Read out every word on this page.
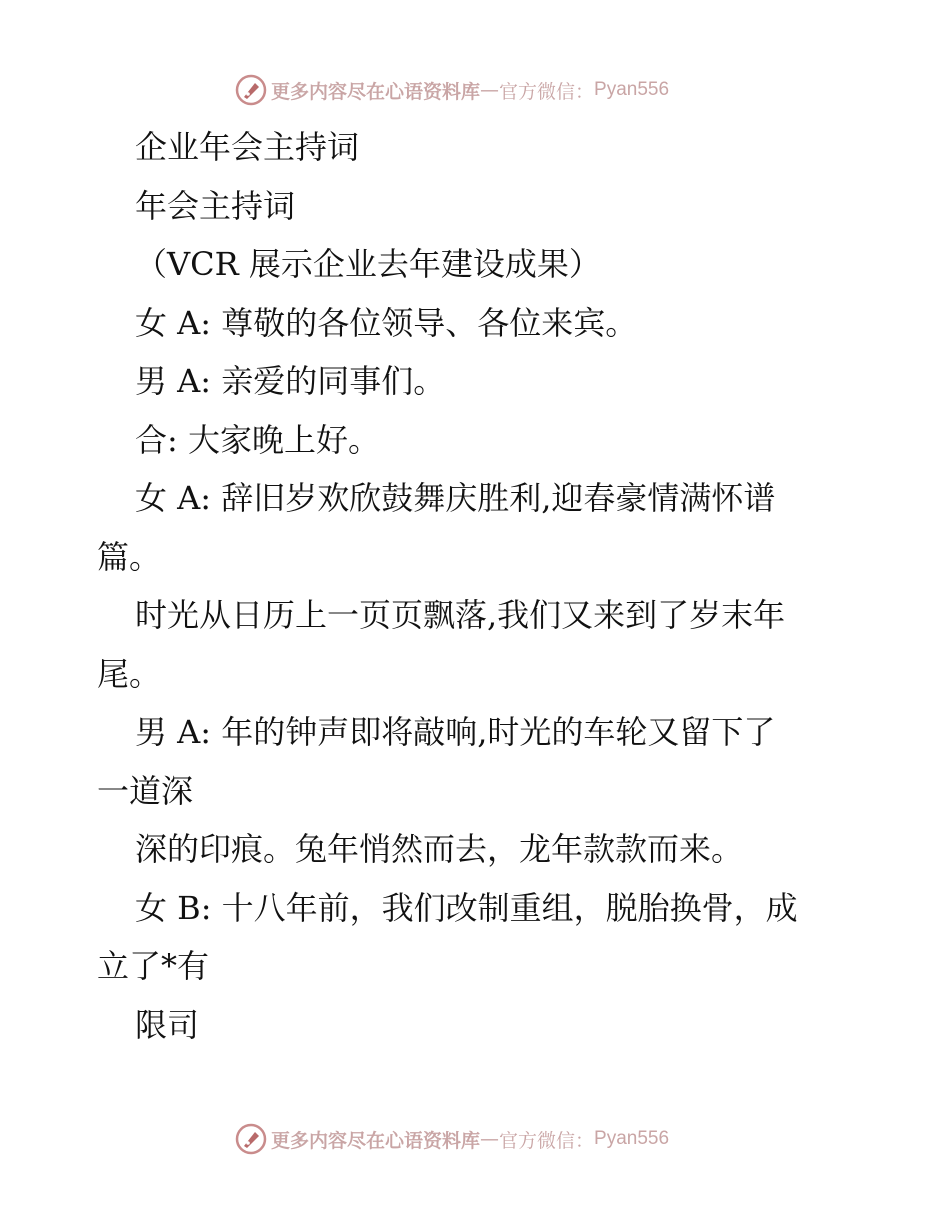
更多内容尽在心语资料库 — 官方微信： Pyan556

企业年会主持词

年会主持词

（VCR 展示企业去年建设成果）

女 A: 尊敬的各位领导、各位来宾。

男 A: 亲爱的同事们。

合: 大家晚上好。

女 A: 辞旧岁欢欣鼓舞庆胜利,迎春豪情满怀谱

篇。

时光从日历上一页页飘落,我们又来到了岁末年

尾。

男 A: 年的钟声即将敲响,时光的车轮又留下了

一道深

深的印痕。兔年悄然而去，龙年款款而来。

女 B: 十八年前，我们改制重组，脱胎换骨，成

立了*有

限司

更多内容尽在心语资料库 — 官方微信： Pyan556
